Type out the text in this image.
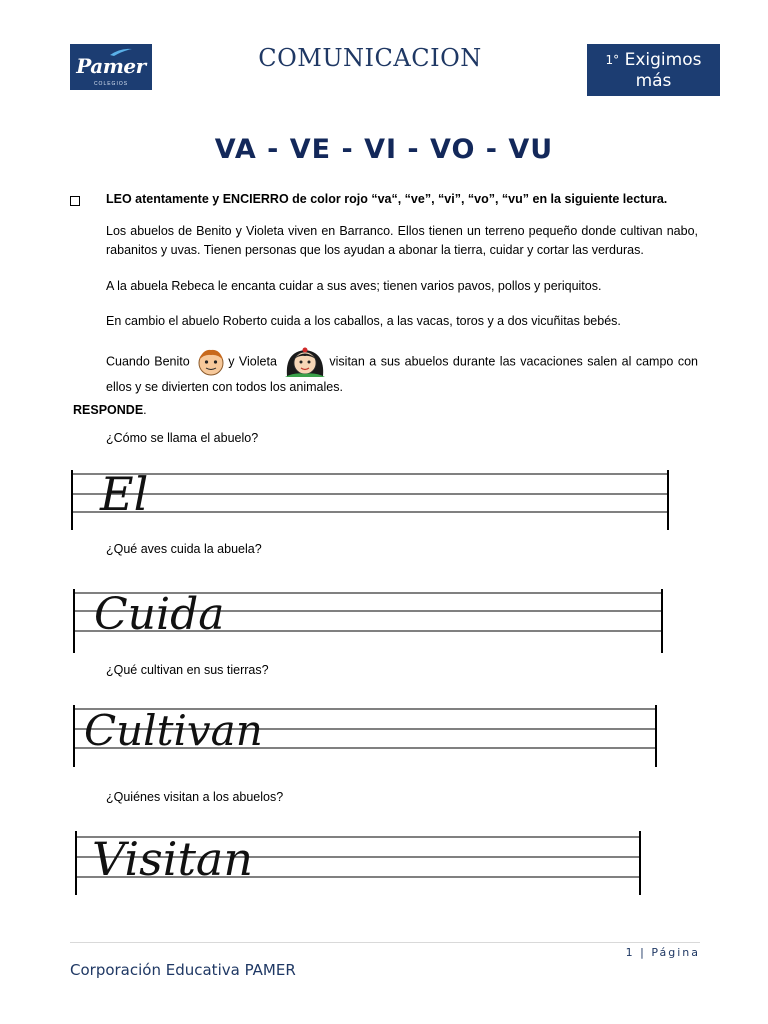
Pamer
COLEGIOS
COMUNICACION	$^{1^\circ}$ Exigimos más
VA - VE - VI - VO - VU
LEO atentamente y ENCIERRO de color rojo “va“, “ve”, “vi”, “vo”, “vu” en la siguiente lectura.
Los abuelos de Benito y Violeta viven en Barranco. Ellos tienen un terreno pequeño donde cultivan nabo, rabanitos y uvas. Tienen personas que los ayudan a abonar la tierra, cuidar y cortar las verduras.
A la abuela Rebeca le encanta cuidar a sus aves; tienen varios pavos, pollos y periquitos.
En cambio el abuelo Roberto cuida a los caballos, a las vacas, toros y a dos vicuñitas bebés.
Cuando Benito	y Violeta	visitan a sus abuelos durante las vacaciones salen al campo con ellos y se divierten con todos los animales.
RESPONDE.
¿Cómo se llama el abuelo?
El
¿Qué aves cuida la abuela?
Cuida
¿Qué cultivan en sus tierras?
Cultivan
¿Quiénes visitan a los abuelos?
Visitan
1 | Página
Corporación Educativa PAMER
